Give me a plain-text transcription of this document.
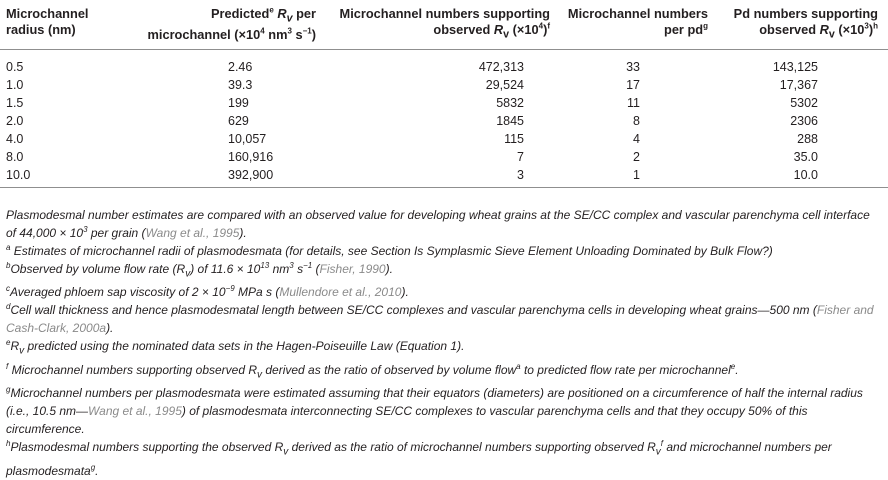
Microchannel radius (nm)	Predicted$^e$ $R_v$ per microchannel ($\times 10^4$ $nm^3$ $s^{-1}$)	Microchannel numbers supporting observed $R_v$ $(\times 10^4)^f$	Microchannel numbers per $pd^g$	Pd numbers supporting observed $R_v$ $(\times 10^3)^h$
0.5	2.46	472,313	33	143,125
1.0	39.3	29,524	17	17,367
1.5	199	5832	11	5302
2.0	629	1845	8	2306
4.0	10,057	115	4	288
8.0	160,916	7	2	35.0
10.0	392,900	3	1	10.0

Plasmodesmal number estimates are compared with an observed value for developing wheat grains at the SE/CC complex and vascular parenchyma cell interface of $44,000 \times 10^3$ per grain (Wang et al., 1995).

$^a$ Estimates of microchannel radii of plasmodesmata (for details, see Section Is Symplasmic Sieve Element Unloading Dominated by Bulk Flow?)

$^b$Observed by volume flow rate $(R_v)$ of $11.6 \times 10^{13}$ $nm^3$ $s^{-1}$ (Fisher, 1990).

$^c$Averaged phloem sap viscosity of $2 \times 10^{-9}$ MPa s (Mullendore et al., 2010).

$^d$Cell wall thickness and hence plasmodesmatal length between SE/CC complexes and vascular parenchyma cells in developing wheat grains—500 nm (Fisher and Cash-Clark, 2000a).

$^eR_v$ predicted using the nominated data sets in the Hagen-Poiseuille Law (Equation 1).

$^f$ Microchannel numbers supporting observed $R_v$ derived as the ratio of observed by volume flow$^a$ to predicted flow rate per microchannel$^e$.

$^g$Microchannel numbers per plasmodesmata were estimated assuming that their equators (diameters) are positioned on a circumference of half the internal radius (i.e., 10.5 nm—Wang et al., 1995) of plasmodesmata interconnecting SE/CC complexes to vascular parenchyma cells and that they occupy 50% of this circumference.

$^h$Plasmodesmal numbers supporting the observed $R_v$ derived as the ratio of microchannel numbers supporting observed $R_v^f$ and microchannel numbers per plasmodesmata$^g$.
